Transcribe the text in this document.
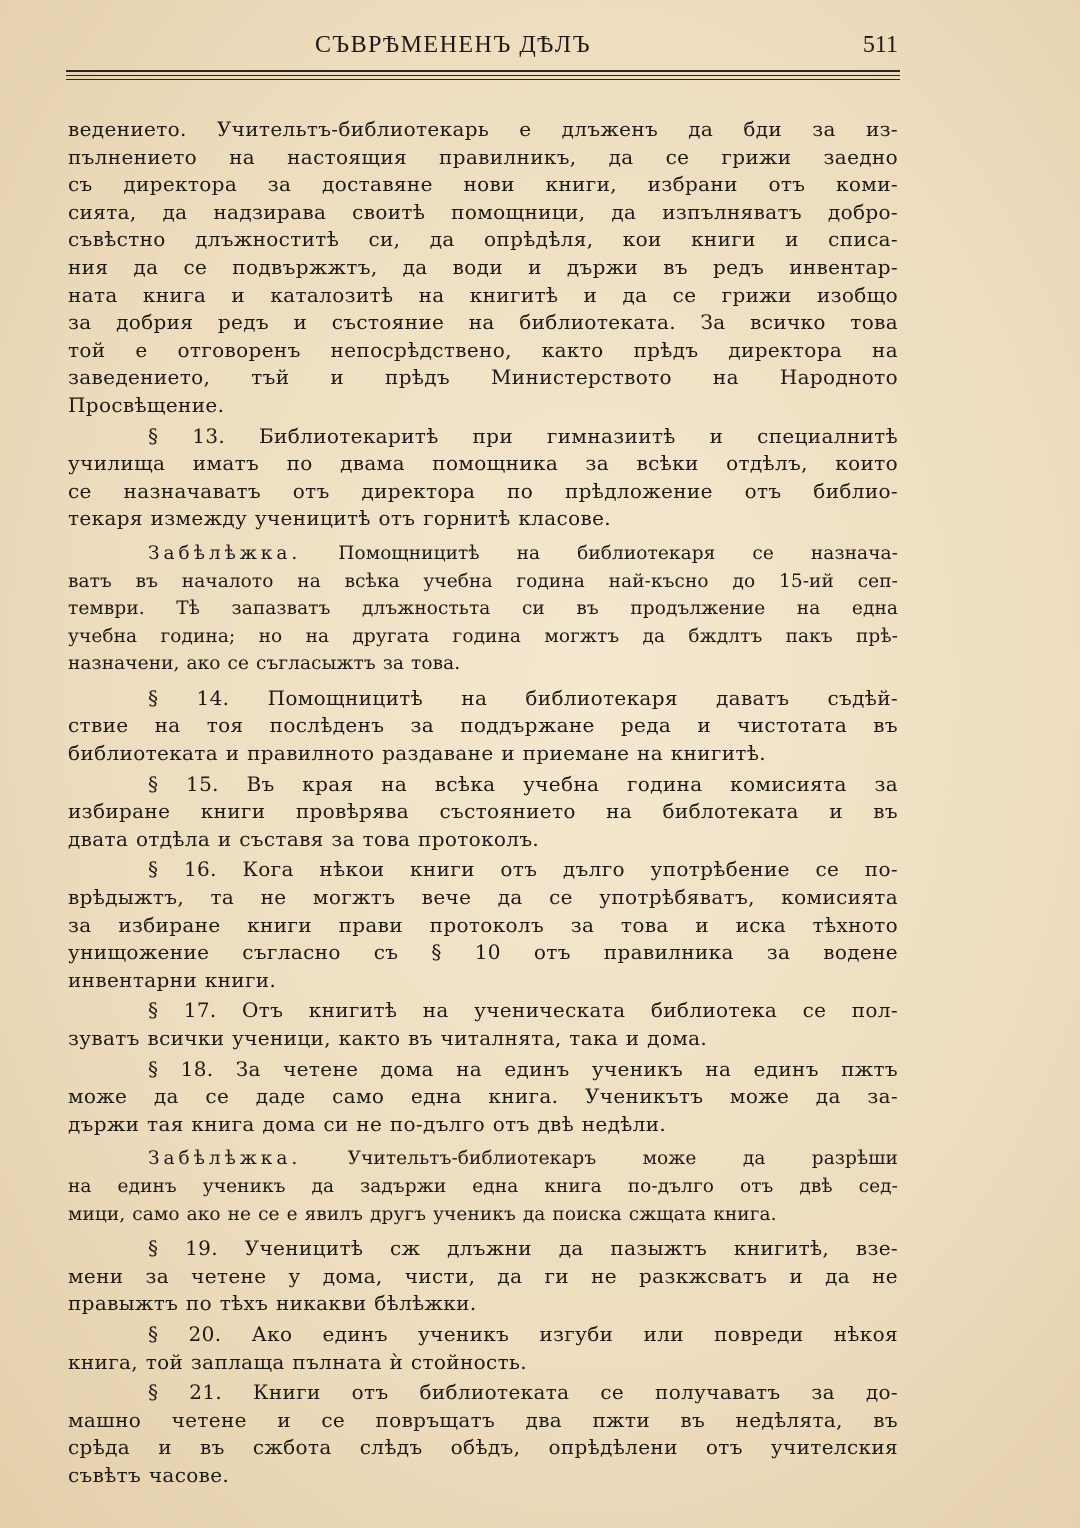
СЪВРѢМЕНЕНЪ ДѢЛЪ	511
ведението. Учительтъ-библиотекарь е длъженъ да бди за из-
пълнението на настоящия правилникъ, да се грижи заедно
съ директора за доставяне нови книги, избрани отъ коми-
сията, да надзирава своитѣ помощници, да изпълняватъ добро-
съвѣстно длъжноститѣ си, да опрѣдѣля, кои книги и списа-
ния да се подвържжтъ, да води и държи въ редъ инвентар-
ната книга и каталозитѣ на книгитѣ и да се грижи изобщо
за добрия редъ и състояние на библиотеката. За всичко това
той е отговоренъ непосрѣдствено, както прѣдъ директора на
заведението, тъй и прѣдъ Министерството на Народното
Просвѣщение.
§ 13. Библиотекаритѣ при гимназиитѣ и специалнитѣ
училища иматъ по двама помощника за всѣки отдѣлъ, които
се назначаватъ отъ директора по прѣдложение отъ библио-
текаря измежду ученицитѣ отъ горнитѣ класове.
Забѣлѣжка. Помощницитѣ на библиотекаря се назнача-
ватъ въ началото на всѣка учебна година най-късно до 15-ий сеп-
тември. Тѣ запазватъ длъжностьта си въ продължение на една
учебна година; но на другата година могжтъ да бждлтъ пакъ прѣ-
назначени, ако се съгласыжтъ за това.
§ 14. Помощницитѣ на библиотекаря даватъ съдѣй-
ствие на тоя послѣденъ за поддържане реда и чистотата въ
библиотеката и правилното раздаване и приемане на книгитѣ.
§ 15. Въ края на всѣка учебна година комисията за
избиране книги провѣрява състоянието на библотеката и въ
двата отдѣла и съставя за това протоколъ.
§ 16. Кога нѣкои книги отъ дълго употрѣбение се по-
врѣдыжтъ, та не могжтъ вече да се употрѣбяватъ, комисията
за избиране книги прави протоколъ за това и иска тѣхното
унищожение съгласно съ § 10 отъ правилника за водене
инвентарни книги.
§ 17. Отъ книгитѣ на ученическата библиотека се пол-
зуватъ всички ученици, както въ читалнята, така и дома.
§ 18. За четене дома на единъ ученикъ на единъ пжтъ
може да се даде само една книга. Ученикътъ може да за-
държи тая книга дома си не по-дълго отъ двѣ недѣли.
Забѣлѣжка.	Учительтъ-библиотекаръ може да разрѣши
на единъ ученикъ да задържи една книга по-дълго отъ двѣ сед-
мици, само ако не се е явилъ другъ ученикъ да поиска сжщата книга.
§ 19. Ученицитѣ сж длъжни да пазыжтъ книгитѣ, взе-
мени за четене у дома, чисти, да ги не разкжсватъ и да не
правыжтъ по тѣхъ никакви бѣлѣжки.
§ 20. Ако единъ ученикъ изгуби или повреди нѣкоя
книга, той заплаща пълната ѝ стойность.
§ 21. Книги отъ библиотеката се получаватъ за до-
машно четене и се повръщатъ два пжти въ недѣлята, въ
срѣда и въ сжбота слѣдъ обѣдъ, опрѣдѣлени отъ учителския
съвѣтъ часове.
